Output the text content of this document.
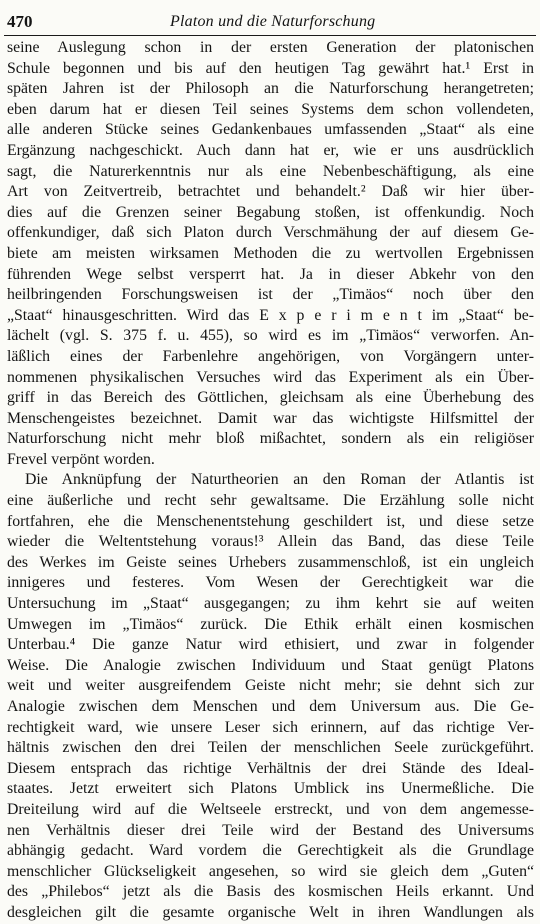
470	Platon und die Naturforschung
seine Auslegung schon in der ersten Generation der platonischen
Schule begonnen und bis auf den heutigen Tag gewährt hat.¹ Erst in
späten Jahren ist der Philosoph an die Naturforschung herangetreten;
eben darum hat er diesen Teil seines Systems dem schon vollendeten,
alle anderen Stücke seines Gedankenbaues umfassenden „Staat“ als eine
Ergänzung nachgeschickt. Auch dann hat er, wie er uns ausdrücklich
sagt, die Naturerkenntnis nur als eine Nebenbeschäftigung, als eine
Art von Zeitvertreib, betrachtet und behandelt.² Daß wir hier über-
dies auf die Grenzen seiner Begabung stoßen, ist offenkundig. Noch
offenkundiger, daß sich Platon durch Verschmähung der auf diesem Ge-
biete am meisten wirksamen Methoden die zu wertvollen Ergebnissen
führenden Wege selbst versperrt hat. Ja in dieser Abkehr von den
heilbringenden Forschungsweisen ist der „Timäos“ noch über den
„Staat“ hinausgeschritten. Wird das E x p e r i m e n t im „Staat“ be-
lächelt (vgl. S. 375 f. u. 455), so wird es im „Timäos“ verworfen. An-
läßlich eines der Farbenlehre angehörigen, von Vorgängern unter-
nommenen physikalischen Versuches wird das Experiment als ein Über-
griff in das Bereich des Göttlichen, gleichsam als eine Überhebung des
Menschengeistes bezeichnet. Damit war das wichtigste Hilfsmittel der
Naturforschung nicht mehr bloß mißachtet, sondern als ein religiöser
Frevel verpönt worden.
Die Anknüpfung der Naturtheorien an den Roman der Atlantis ist
eine äußerliche und recht sehr gewaltsame. Die Erzählung solle nicht
fortfahren, ehe die Menschenentstehung geschildert ist, und diese setze
wieder die Weltentstehung voraus!³ Allein das Band, das diese Teile
des Werkes im Geiste seines Urhebers zusammenschloß, ist ein ungleich
innigeres und festeres. Vom Wesen der Gerechtigkeit war die
Untersuchung im „Staat“ ausgegangen; zu ihm kehrt sie auf weiten
Umwegen im „Timäos“ zurück. Die Ethik erhält einen kosmischen
Unterbau.⁴ Die ganze Natur wird ethisiert, und zwar in folgender
Weise. Die Analogie zwischen Individuum und Staat genügt Platons
weit und weiter ausgreifendem Geiste nicht mehr; sie dehnt sich zur
Analogie zwischen dem Menschen und dem Universum aus. Die Ge-
rechtigkeit ward, wie unsere Leser sich erinnern, auf das richtige Ver-
hältnis zwischen den drei Teilen der menschlichen Seele zurückgeführt.
Diesem entsprach das richtige Verhältnis der drei Stände des Ideal-
staates. Jetzt erweitert sich Platons Umblick ins Unermeßliche. Die
Dreiteilung wird auf die Weltseele erstreckt, und von dem angemesse-
nen Verhältnis dieser drei Teile wird der Bestand des Universums
abhängig gedacht. Ward vordem die Gerechtigkeit als die Grundlage
menschlicher Glückseligkeit angesehen, so wird sie gleich dem „Guten“
des „Philebos“ jetzt als die Basis des kosmischen Heils erkannt. Und
desgleichen gilt die gesamte organische Welt in ihren Wandlungen als
